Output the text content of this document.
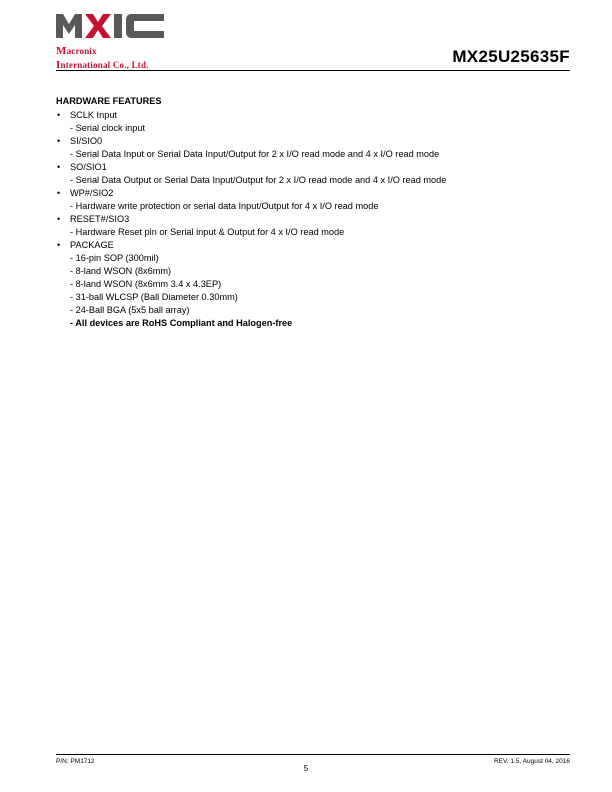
Macronix
International Co., Ltd.	MX25U25635F
HARDWARE FEATURES
• SCLK Input
- Serial clock input
• SI/SIO0
- Serial Data Input or Serial Data Input/Output for 2 x I/O read mode and 4 x I/O read mode
• SO/SIO1
- Serial Data Output or Serial Data Input/Output for 2 x I/O read mode and 4 x I/O read mode
• WP#/SIO2
- Hardware write protection or serial data Input/Output for 4 x I/O read mode
• RESET#/SIO3
- Hardware Reset pin or Serial input & Output for 4 x I/O read mode
• PACKAGE
- 16-pin SOP (300mil)
- 8-land WSON (8x6mm)
- 8-land WSON (8x6mm 3.4 x 4.3EP)
- 31-ball WLCSP (Ball Diameter 0.30mm)
- 24-Ball BGA (5x5 ball array)
- All devices are RoHS Compliant and Halogen-free
P/N: PM1712	REV. 1.5, August 04, 2016
5
